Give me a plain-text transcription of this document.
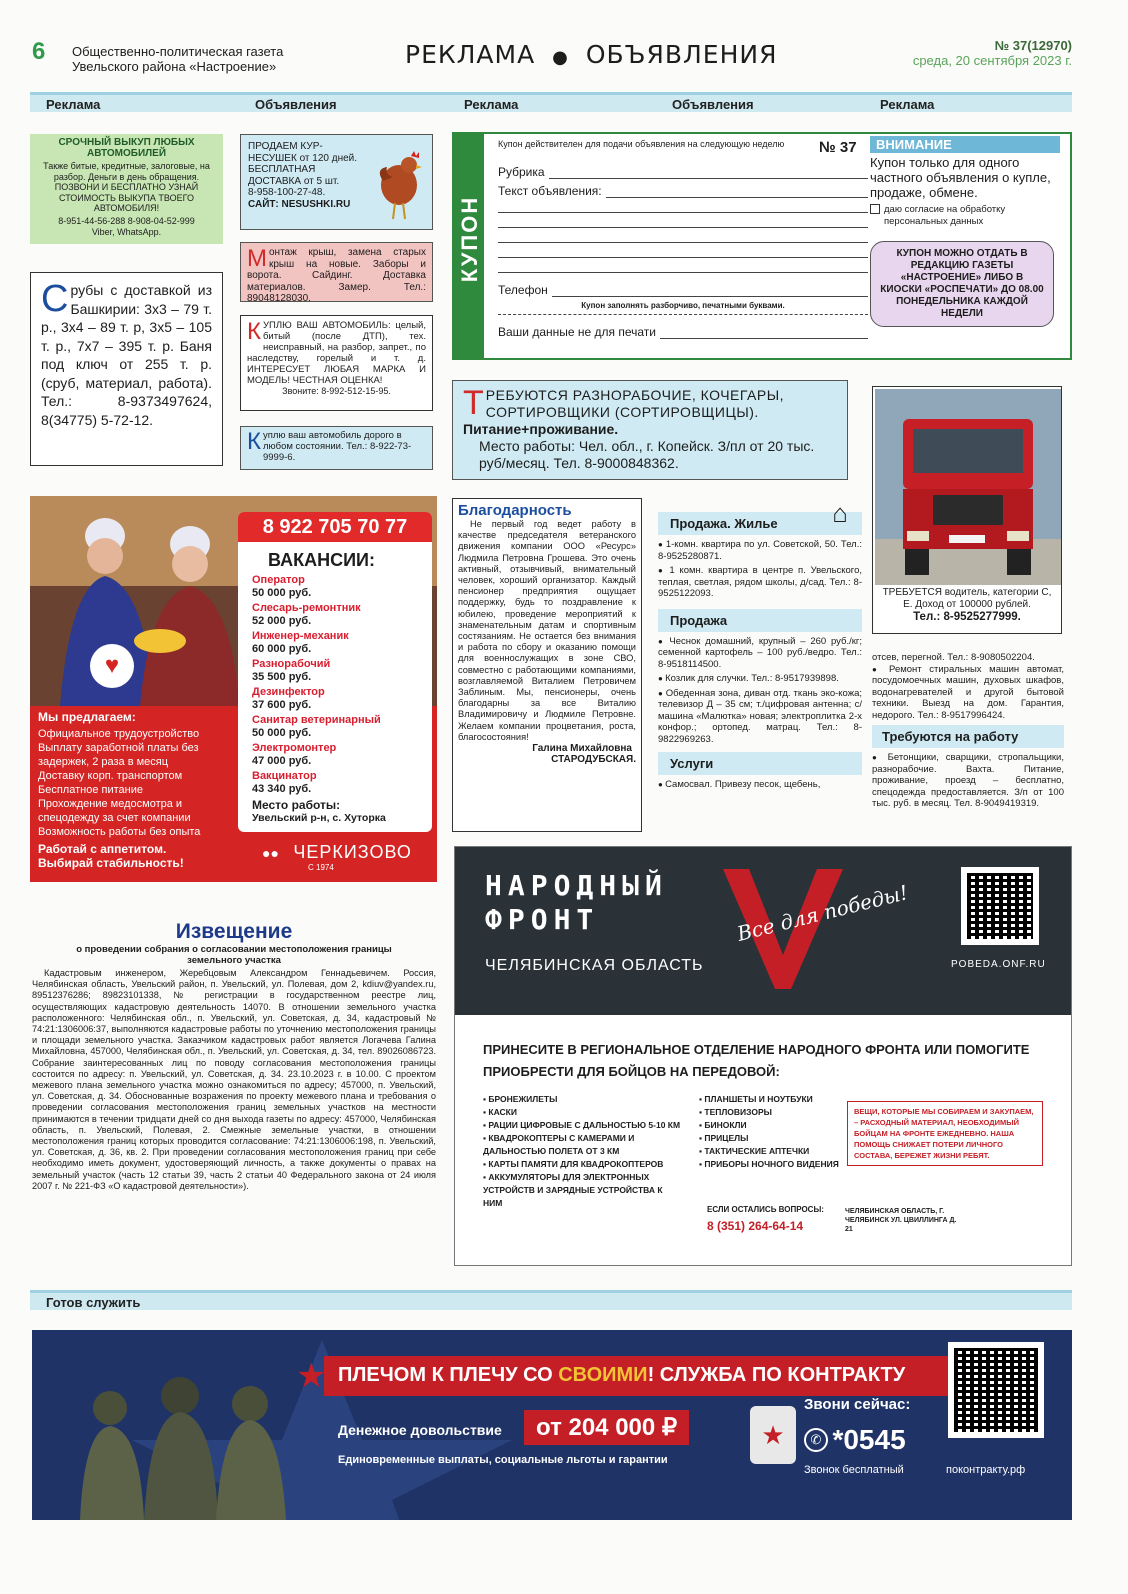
6 Общественно-политическая газета
Увельского района «Настроение»	РЕКЛАМА ● ОБЪЯВЛЕНИЯ	№ 37(12970)
среда, 20 сентября 2023 г.
Реклама	Объявления	Реклама	Объявления	Реклама
СРОЧНЫЙ ВЫКУП ЛЮБЫХ АВТОМОБИЛЕЙ
Также битые, кредитные, залоговые, на разбор. Деньги в день обращения. ПОЗВОНИ И БЕСПЛАТНО УЗНАЙ СТОИМОСТЬ ВЫКУПА ТВОЕГО АВТОМОБИЛЯ!
8-951-44-56-288 8-908-04-52-999
Viber, WhatsApp.
С рубы с доставкой из Башкирии: 3х3 – 79 т. р., 3х4 – 89 т. р, 3х5 – 105 т. р., 7х7 – 395 т. р. Баня под ключ от 255 т. р. (сруб, материал, работа). Тел.: 8-9373497624, 8(34775) 5-72-12.
ПРОДАЕМ КУР-НЕСУШЕК от 120 дней. БЕСПЛАТНАЯ ДОСТАВКА от 5 шт.
8-958-100-27-48.
САЙТ: NESUSHKI.RU
М онтаж крыш, замена старых крыш на новые. Заборы и ворота. Сайдинг. Доставка материалов. Замер. Тел.: 89048128030.
К УПЛЮ ВАШ АВТОМОБИЛЬ: целый, битый (после ДТП), тех. неисправный, на разбор, запрет., по наследству, горелый и т. д. ИНТЕРЕСУЕТ ЛЮБАЯ МАРКА И МОДЕЛЬ! ЧЕСТНАЯ ОЦЕНКА!
Звоните: 8-992-512-15-95.
К уплю ваш автомобиль дорого в любом состоянии. Тел.: 8-922-73-9999-6.
КУПОН
Купон действителен для подачи объявления на следующую неделю № 37
Рубрика
Текст объявления:
Телефон
Купон заполнять разборчиво, печатными буквами.
Ваши данные не для печати
ВНИМАНИЕ
Купон только для одного частного объявления о купле, продаже, обмене.
даю согласие на обработку персональных данных
КУПОН МОЖНО ОТДАТЬ В РЕДАКЦИЮ ГАЗЕТЫ «НАСТРОЕНИЕ» ЛИБО В КИОСКИ «РОСПЕЧАТИ» ДО 08.00 ПОНЕДЕЛЬНИКА КАЖДОЙ НЕДЕЛИ
Т РЕБУЮТСЯ РАЗНОРАБОЧИЕ, КОЧЕГАРЫ, СОРТИРОВЩИКИ (СОРТИРОВЩИЦЫ).
Питание+проживание.
Место работы: Чел. обл., г. Копейск. З/пл от 20 тыс. руб/месяц. Тел. 8-9000848362.
ТРЕБУЕТСЯ водитель, категории С, Е. Доход от 100000 рублей.
Тел.: 8-9525277999.
8 922 705 70 77
ВАКАНСИИ:
Оператор
50 000 руб.
Слесарь-ремонтник
52 000 руб.
Инженер-механик
60 000 руб.
Разнорабочий
35 500 руб.
Дезинфектор
37 600 руб.
Санитар ветеринарный
50 000 руб.
Электромонтер
47 000 руб.
Вакцинатор
43 340 руб.
Место работы:
Увельский р-н, с. Хуторка
♥
Мы предлагаем:
Официальное трудоустройство
Выплату заработной платы без задержек, 2 раза в месяц
Доставку корп. транспортом
Бесплатное питание
Прохождение медосмотра и спецодежду за счет компании
Возможность работы без опыта
Работай с аппетитом.
Выбирай стабильность!
●● ЧЕРКИЗОВО
С 1974
Благодарность
Не первый год ведет работу в качестве председателя ветеранского движения компании ООО «Ресурс» Людмила Петровна Грошева. Это очень активный, отзывчивый, внимательный человек, хороший организатор. Каждый пенсионер предприятия ощущает поддержку, будь то поздравление к юбилею, проведение мероприятий к знаменательным датам и спортивным состязаниям. Не остается без внимания и работа по сбору и оказанию помощи для военнослужащих в зоне СВО, совместно с работающими компаниями, возглавляемой Виталием Петровичем Заблиным. Мы, пенсионеры, очень благодарны за все Виталию Владимировичу и Людмиле Петровне. Желаем компании процветания, роста, благосостояния!
Галина Михайловна
СТАРОДУБСКАЯ.
Продажа. Жилье	⌂
● 1-комн. квартира по ул. Советской, 50. Тел.: 8-9525280871.
● 1 комн. квартира в центре п. Увельского, теплая, светлая, рядом школы, д/сад. Тел.: 8-9525122093.
Продажа
● Чеснок домашний, крупный – 260 руб./кг; семенной картофель – 100 руб./ведро. Тел.: 8-9518114500.
● Козлик для случки. Тел.: 8-9517939898.
● Обеденная зона, диван отд. ткань эко-кожа; телевизор Д – 35 см; т./цифровая антенна; с/машина «Малютка» новая; электроплитка 2-х конфор.; ортопед. матрац. Тел.: 8-9822969263.
Услуги
● Самосвал. Привезу песок, щебень,
отсев, перегной. Тел.: 8-9080502204.
● Ремонт стиральных машин автомат, посудомоечных машин, духовых шкафов, водонагревателей и другой бытовой техники. Выезд на дом. Гарантия, недорого. Тел.: 8-9517996424.
Требуются на работу
● Бетонщики, сварщики, стропальщики, разнорабочие. Вахта. Питание, проживание, проезд – бесплатно, спецодежда предоставляется. З/п от 100 тыс. руб. в месяц. Тел. 8-9049419319.
Извещение
о проведении собрания о согласовании местоположения границы земельного участка
Кадастровым инженером, Жеребцовым Александром Геннадьевичем. Россия, Челябинская область, Увельский район, п. Увельский, ул. Полевая, дом 2, kdiuv@yandex.ru, 89512376286; 89823101338, № регистрации в государственном реестре лиц, осуществляющих кадастровую деятельность 14070. В отношении земельного участка расположенного: Челябинская обл., п. Увельский, ул. Советская, д. 34, кадастровый № 74:21:1306006:37, выполняются кадастровые работы по уточнению местоположения границы и площади земельного участка. Заказчиком кадастровых работ является Логачева Галина Михайловна, 457000, Челябинская обл., п. Увельский, ул. Советская, д. 34, тел. 89026086723. Собрание заинтересованных лиц по поводу согласования местоположения границы состоится по адресу: п. Увельский, ул. Советская, д. 34. 23.10.2023 г. в 10.00. С проектом межевого плана земельного участка можно ознакомиться по адресу; 457000, п. Увельский, ул. Советская, д. 34. Обоснованные возражения по проекту межевого плана и требования о проведении согласования местоположения границ земельных участков на местности принимаются в течении тридцати дней со дня выхода газеты по адресу: 457000, Челябинская область, п. Увельский, Полевая, 2. Смежные земельные участки, в отношении местоположения границ которых проводится согласование: 74:21:1306006:198, п. Увельский, ул. Советская, д. 36, кв. 2. При проведении согласования местоположения границ при себе необходимо иметь документ, удостоверяющий личность, а также документы о правах на земельный участок (часть 12 статьи 39, часть 2 статьи 40 Федерального закона от 24 июля 2007 г. № 221-ФЗ «О кадастровой деятельности»).
НАРОДНЫЙ
ФРОНТ
ЧЕЛЯБИНСКАЯ ОБЛАСТЬ
Все для победы!
POBEDA.ONF.RU
ПРИНЕСИТЕ В РЕГИОНАЛЬНОЕ ОТДЕЛЕНИЕ НАРОДНОГО ФРОНТА ИЛИ ПОМОГИТЕ ПРИОБРЕСТИ ДЛЯ БОЙЦОВ НА ПЕРЕДОВОЙ:
▪ БРОНЕЖИЛЕТЫ
▪ КАСКИ
▪ РАЦИИ ЦИФРОВЫЕ С ДАЛЬНОСТЬЮ 5-10 КМ
▪ КВАДРОКОПТЕРЫ С КАМЕРАМИ И ДАЛЬНОСТЬЮ ПОЛЕТА ОТ 3 КМ
▪ КАРТЫ ПАМЯТИ ДЛЯ КВАДРОКОПТЕРОВ
▪ АККУМУЛЯТОРЫ ДЛЯ ЭЛЕКТРОННЫХ УСТРОЙСТВ И ЗАРЯДНЫЕ УСТРОЙСТВА К НИМ
▪ ПЛАНШЕТЫ И НОУТБУКИ
▪ ТЕПЛОВИЗОРЫ
▪ БИНОКЛИ
▪ ПРИЦЕЛЫ
▪ ТАКТИЧЕСКИЕ АПТЕЧКИ
▪ ПРИБОРЫ НОЧНОГО ВИДЕНИЯ
ВЕЩИ, КОТОРЫЕ МЫ СОБИРАЕМ И ЗАКУПАЕМ, – РАСХОДНЫЙ МАТЕРИАЛ, НЕОБХОДИМЫЙ БОЙЦАМ НА ФРОНТЕ ЕЖЕДНЕВНО. НАША ПОМОЩЬ СНИЖАЕТ ПОТЕРИ ЛИЧНОГО СОСТАВА, БЕРЕЖЕТ ЖИЗНИ РЕБЯТ.
ЕСЛИ ОСТАЛИСЬ ВОПРОСЫ:
8 (351) 264-64-14
ЧЕЛЯБИНСКАЯ ОБЛАСТЬ, Г. ЧЕЛЯБИНСК УЛ. ЦВИЛЛИНГА Д. 21
Готов служить
★ ПЛЕЧОМ К ПЛЕЧУ СО СВОИМИ! СЛУЖБА ПО КОНТРАКТУ
Денежное довольствие	от 204 000 ₽
Единовременные выплаты, социальные льготы и гарантии
★
Звони сейчас:
✆ *0545
Звонок бесплатный	поконтракту.рф
